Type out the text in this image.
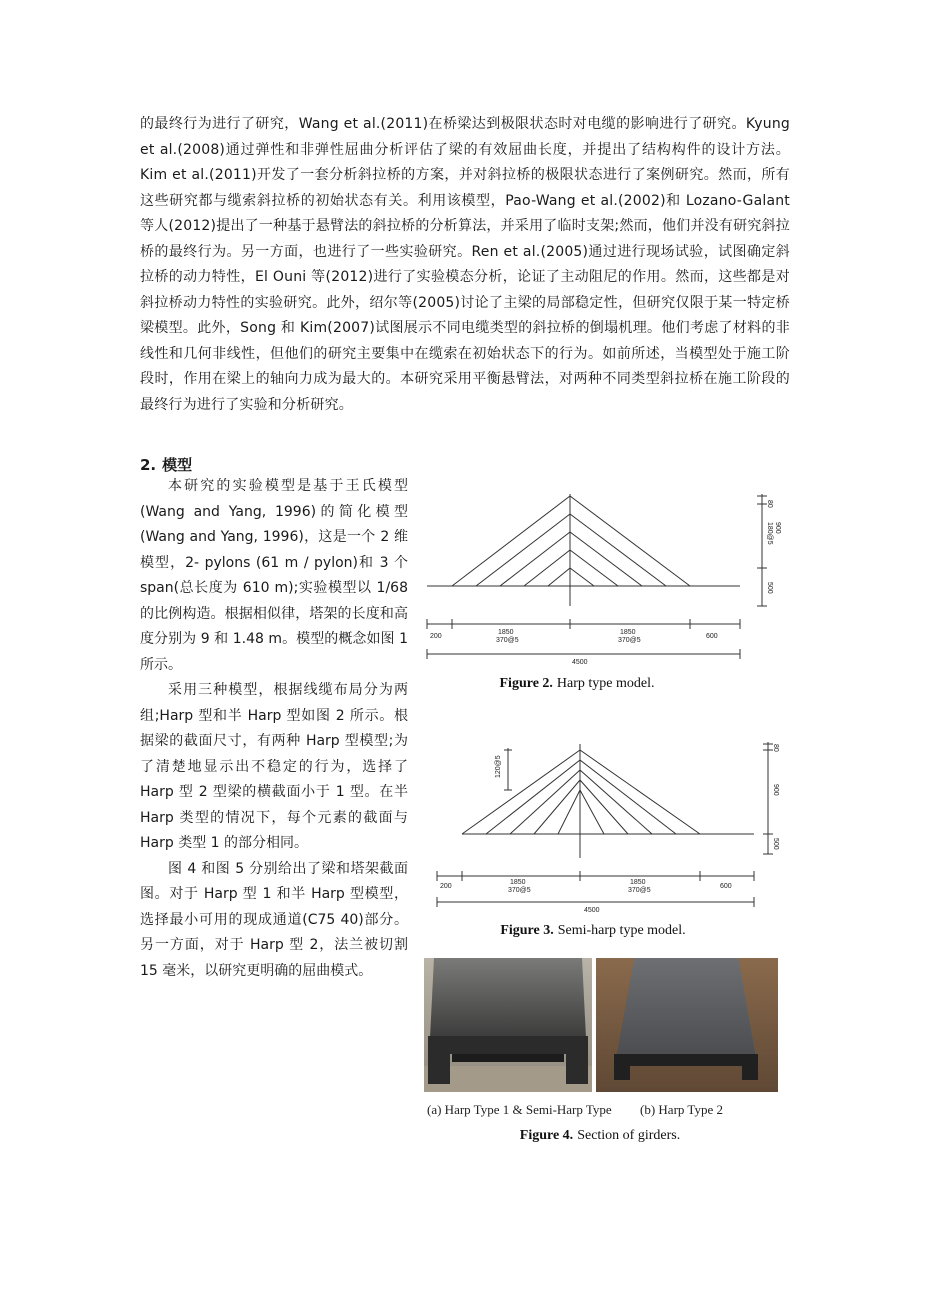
的最终行为进行了研究，Wang et al.(2011)在桥梁达到极限状态时对电缆的影响进行了研究。Kyung et al.(2008)通过弹性和非弹性屈曲分析评估了梁的有效屈曲长度，并提出了结构构件的设计方法。Kim et al.(2011)开发了一套分析斜拉桥的方案，并对斜拉桥的极限状态进行了案例研究。然而，所有这些研究都与缆索斜拉桥的初始状态有关。利用该模型，Pao-Wang et al.(2002)和 Lozano-Galant 等人(2012)提出了一种基于悬臂法的斜拉桥的分析算法，并采用了临时支架;然而，他们并没有研究斜拉桥的最终行为。另一方面，也进行了一些实验研究。Ren et al.(2005)通过进行现场试验，试图确定斜拉桥的动力特性，El Ouni 等(2012)进行了实验模态分析，论证了主动阻尼的作用。然而，这些都是对斜拉桥动力特性的实验研究。此外，绍尔等(2005)讨论了主梁的局部稳定性，但研究仅限于某一特定桥梁模型。此外，Song 和 Kim(2007)试图展示不同电缆类型的斜拉桥的倒塌机理。他们考虑了材料的非线性和几何非线性，但他们的研究主要集中在缆索在初始状态下的行为。如前所述，当模型处于施工阶段时，作用在梁上的轴向力成为最大的。本研究采用平衡悬臂法，对两种不同类型斜拉桥在施工阶段的最终行为进行了实验和分析研究。

2. 模型

本研究的实验模型是基于王氏模型(Wang and Yang, 1996)的简化模型(Wang and Yang, 1996)，这是一个 2 维模型，2- pylons (61 m / pylon)和 3 个 span(总长度为 610 m);实验模型以 1/68 的比例构造。根据相似律，塔架的长度和高度分别为 9 和 1.48 m。模型的概念如图 1 所示。

采用三种模型，根据线缆布局分为两组;Harp 型和半 Harp 型如图 2 所示。根据梁的截面尺寸，有两种 Harp 型模型;为了清楚地显示出不稳定的行为，选择了 Harp 型 2 型梁的横截面小于 1 型。在半 Harp 类型的情况下，每个元素的截面与 Harp 类型 1 的部分相同。

图 4 和图 5 分别给出了梁和塔架截面图。对于 Harp 型 1 和半 Harp 型模型，选择最小可用的现成通道(C75 40)部分。另一方面，对于 Harp 型 2，法兰被切割 15 毫米，以研究更明确的屈曲模式。

200
1850
370@5
1850
370@5
600
4500
80
180@5 900
500
Figure 2. Harp type model.
200
1850
370@5
1850
370@5
600
4500
120@5
80
900
500
Figure 3. Semi-harp type model.
(a) Harp Type 1 & Semi-Harp Type (b) Harp Type 2
Figure 4. Section of girders.
